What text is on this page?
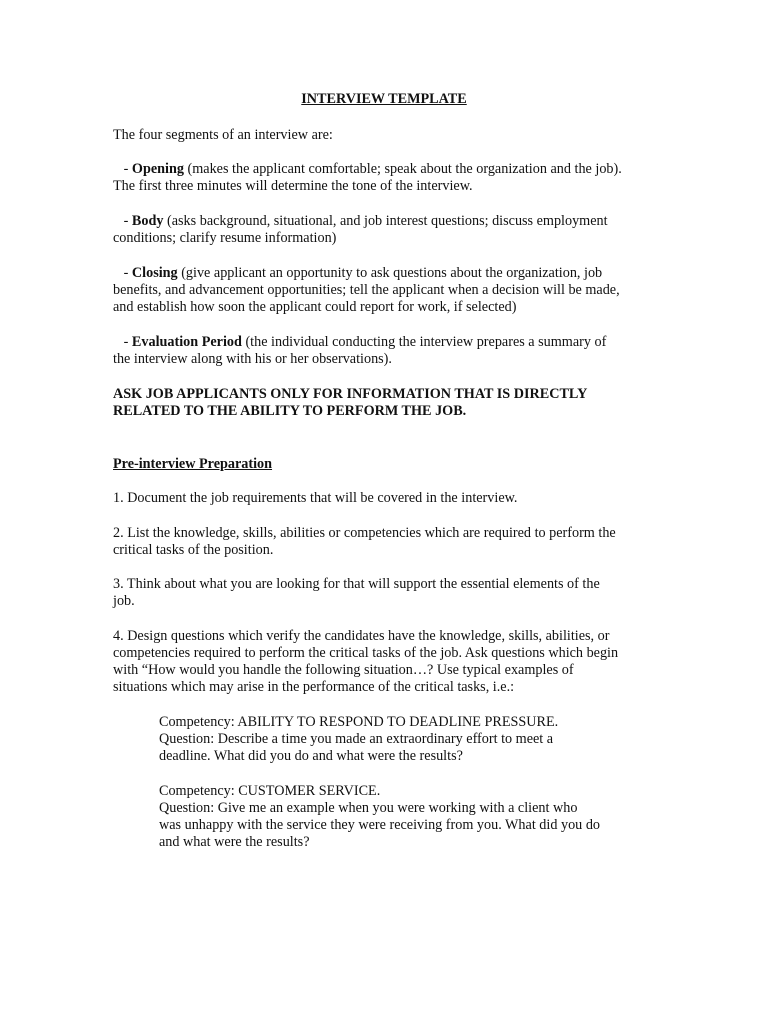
INTERVIEW TEMPLATE

The four segments of an interview are:

- Opening (makes the applicant comfortable; speak about the organization and the job).

The first three minutes will determine the tone of the interview.

- Body (asks background, situational, and job interest questions; discuss employment

conditions; clarify resume information)

- Closing (give applicant an opportunity to ask questions about the organization, job

benefits, and advancement opportunities; tell the applicant when a decision will be made,

and establish how soon the applicant could report for work, if selected)

- Evaluation Period (the individual conducting the interview prepares a summary of

the interview along with his or her observations).

ASK JOB APPLICANTS ONLY FOR INFORMATION THAT IS DIRECTLY

RELATED TO THE ABILITY TO PERFORM THE JOB.

Pre-interview Preparation

1. Document the job requirements that will be covered in the interview.

2. List the knowledge, skills, abilities or competencies which are required to perform the

critical tasks of the position.

3. Think about what you are looking for that will support the essential elements of the

job.

4. Design questions which verify the candidates have the knowledge, skills, abilities, or

competencies required to perform the critical tasks of the job. Ask questions which begin

with “How would you handle the following situation…? Use typical examples of

situations which may arise in the performance of the critical tasks, i.e.:

Competency: ABILITY TO RESPOND TO DEADLINE PRESSURE.

Question: Describe a time you made an extraordinary effort to meet a

deadline. What did you do and what were the results?

Competency: CUSTOMER SERVICE.

Question: Give me an example when you were working with a client who

was unhappy with the service they were receiving from you. What did you do

and what were the results?
